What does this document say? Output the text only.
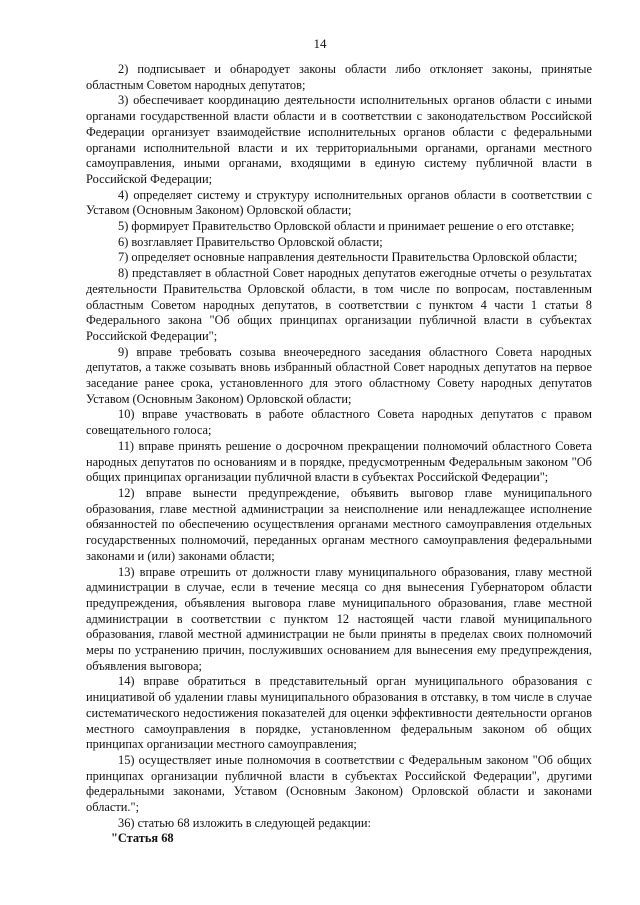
14

2) подписывает и обнародует законы области либо отклоняет законы, принятые областным Советом народных депутатов;

3) обеспечивает координацию деятельности исполнительных органов области с иными органами государственной власти области и в соответствии с законодательством Российской Федерации организует взаимодействие исполнительных органов области с федеральными органами исполнительной власти и их территориальными органами, органами местного самоуправления, иными органами, входящими в единую систему публичной власти в Российской Федерации;

4) определяет систему и структуру исполнительных органов области в соответствии с Уставом (Основным Законом) Орловской области;

5) формирует Правительство Орловской области и принимает решение о его отставке;

6) возглавляет Правительство Орловской области;

7) определяет основные направления деятельности Правительства Орловской области;

8) представляет в областной Совет народных депутатов ежегодные отчеты о результатах деятельности Правительства Орловской области, в том числе по вопросам, поставленным областным Советом народных депутатов, в соответствии с пунктом 4 части 1 статьи 8 Федерального закона "Об общих принципах организации публичной власти в субъектах Российской Федерации";

9) вправе требовать созыва внеочередного заседания областного Совета народных депутатов, а также созывать вновь избранный областной Совет народных депутатов на первое заседание ранее срока, установленного для этого областному Совету народных депутатов Уставом (Основным Законом) Орловской области;

10) вправе участвовать в работе областного Совета народных депутатов с правом совещательного голоса;

11) вправе принять решение о досрочном прекращении полномочий областного Совета народных депутатов по основаниям и в порядке, предусмотренным Федеральным законом "Об общих принципах организации публичной власти в субъектах Российской Федерации";

12) вправе вынести предупреждение, объявить выговор главе муниципального образования, главе местной администрации за неисполнение или ненадлежащее исполнение обязанностей по обеспечению осуществления органами местного самоуправления отдельных государственных полномочий, переданных органам местного самоуправления федеральными законами и (или) законами области;

13) вправе отрешить от должности главу муниципального образования, главу местной администрации в случае, если в течение месяца со дня вынесения Губернатором области предупреждения, объявления выговора главе муниципального образования, главе местной администрации в соответствии с пунктом 12 настоящей части главой муниципального образования, главой местной администрации не были приняты в пределах своих полномочий меры по устранению причин, послуживших основанием для вынесения ему предупреждения, объявления выговора;

14) вправе обратиться в представительный орган муниципального образования с инициативой об удалении главы муниципального образования в отставку, в том числе в случае систематического недостижения показателей для оценки эффективности деятельности органов местного самоуправления в порядке, установленном федеральным законом об общих принципах организации местного самоуправления;

15) осуществляет иные полномочия в соответствии с Федеральным законом "Об общих принципах организации публичной власти в субъектах Российской Федерации", другими федеральными законами, Уставом (Основным Законом) Орловской области и законами области.";

36) статью 68 изложить в следующей редакции:

"Статья 68
